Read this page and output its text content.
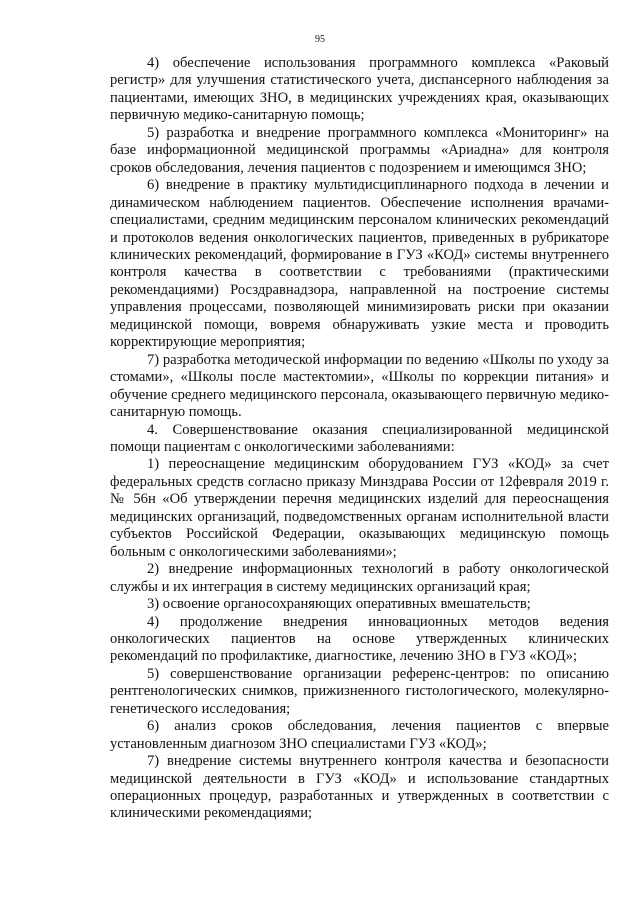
95

4) обеспечение использования программного комплекса «Раковый регистр» для улучшения статистического учета, диспансерного наблюдения за пациентами, имеющих ЗНО, в медицинских учреждениях края, оказывающих первичную медико-санитарную помощь;

5) разработка и внедрение программного комплекса «Мониторинг» на базе информационной медицинской программы «Ариадна» для контроля сроков обследования, лечения пациентов с подозрением и имеющимся ЗНО;

6) внедрение в практику мультидисциплинарного подхода в лечении и динамическом наблюдением пациентов. Обеспечение исполнения врачами-специалистами, средним медицинским персоналом клинических рекомендаций и протоколов ведения онкологических пациентов, приведенных в рубрикаторе клинических рекомендаций, формирование в ГУЗ «КОД» системы внутреннего контроля качества в соответствии с требованиями (практическими рекомендациями) Росздравнадзора, направленной на построение системы управления процессами, позволяющей минимизировать риски при оказании медицинской помощи, вовремя обнаруживать узкие места и проводить корректирующие мероприятия;

7) разработка методической информации по ведению «Школы по уходу за стомами», «Школы после мастектомии», «Школы по коррекции питания» и обучение среднего медицинского персонала, оказывающего первичную медико-санитарную помощь.

4. Совершенствование оказания специализированной медицинской помощи пациентам с онкологическими заболеваниями:

1) переоснащение медицинским оборудованием ГУЗ «КОД» за счет федеральных средств согласно приказу Минздрава России от 12февраля 2019 г. № 56н «Об утверждении перечня медицинских изделий для переоснащения медицинских организаций, подведомственных органам исполнительной власти субъектов Российской Федерации, оказывающих медицинскую помощь больным с онкологическими заболеваниями»;

2) внедрение информационных технологий в работу онкологической службы и их интеграция в систему медицинских организаций края;

3) освоение органосохраняющих оперативных вмешательств;

4) продолжение внедрения инновационных методов ведения онкологических пациентов на основе утвержденных клинических рекомендаций по профилактике, диагностике, лечению ЗНО в ГУЗ «КОД»;

5) совершенствование организации референс-центров: по описанию рентгенологических снимков, прижизненного гистологического, молекулярно-генетического исследования;

6) анализ сроков обследования, лечения пациентов с впервые установленным диагнозом ЗНО специалистами ГУЗ «КОД»;

7) внедрение системы внутреннего контроля качества и безопасности медицинской деятельности в ГУЗ «КОД» и использование стандартных операционных процедур, разработанных и утвержденных в соответствии с клиническими рекомендациями;
